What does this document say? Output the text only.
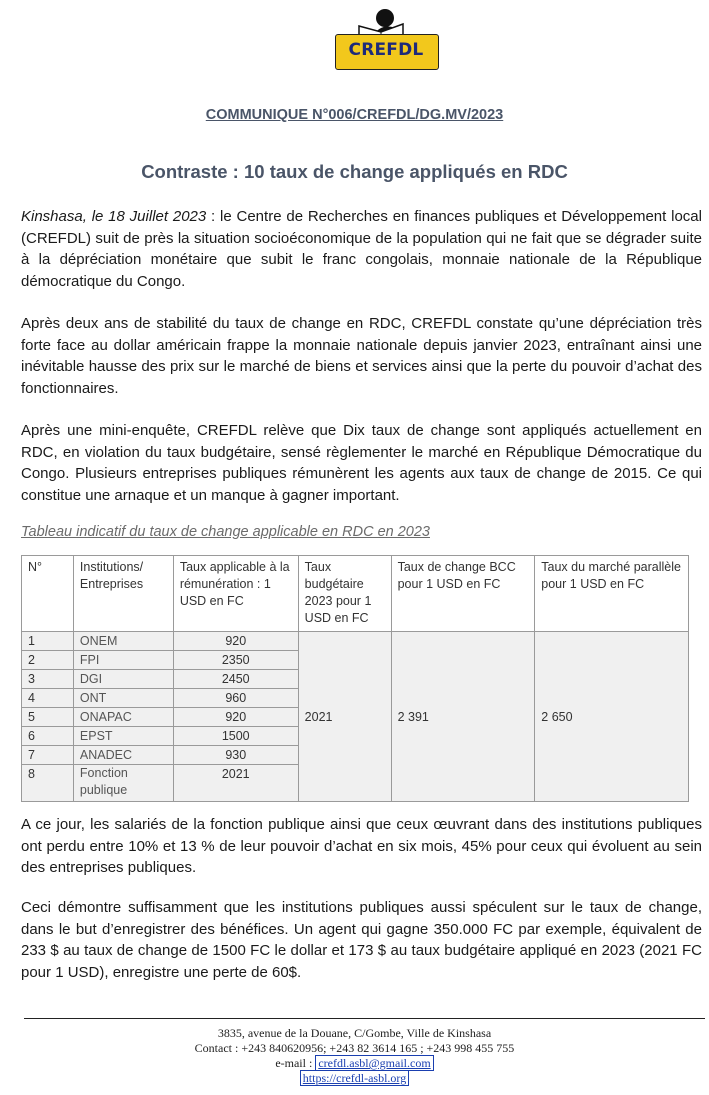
CREFDL
COMMUNIQUE N°006/CREFDL/DG.MV/2023
Contraste : 10 taux de change appliqués en RDC

Kinshasa, le 18 Juillet 2023 : le Centre de Recherches en finances publiques et Développement local (CREFDL) suit de près la situation socioéconomique de la population qui ne fait que se dégrader suite à la dépréciation monétaire que subit le franc congolais, monnaie nationale de la République démocratique du Congo.

Après deux ans de stabilité du taux de change en RDC, CREFDL constate qu’une dépréciation très forte face au dollar américain frappe la monnaie nationale depuis janvier 2023, entraînant ainsi une inévitable hausse des prix sur le marché de biens et services ainsi que la perte du pouvoir d’achat des fonctionnaires.

Après une mini-enquête, CREFDL relève que Dix taux de change sont appliqués actuellement en RDC, en violation du taux budgétaire, sensé règlementer le marché en République Démocratique du Congo. Plusieurs entreprises publiques rémunèrent les agents aux taux de change de 2015. Ce qui constitue une arnaque et un manque à gagner important.

Tableau indicatif du taux de change applicable en RDC en 2023
N°	Institutions/ Entreprises	Taux applicable à la rémunération : 1 USD en FC	Taux budgétaire 2023 pour 1 USD en FC	Taux de change BCC pour 1 USD en FC	Taux du marché parallèle pour 1 USD en FC
1	ONEM	920	2021	2 391	2 650
2	FPI	2350			
3	DGI	2450			
4	ONT	960			
5	ONAPAC	920			
6	EPST	1500			
7	ANADEC	930			
8	Fonction publique	2021			

A ce jour, les salariés de la fonction publique ainsi que ceux œuvrant dans des institutions publiques ont perdu entre 10% et 13 % de leur pouvoir d’achat en six mois, 45% pour ceux qui évoluent au sein des entreprises publiques.

Ceci démontre suffisamment que les institutions publiques aussi spéculent sur le taux de change, dans le but d’enregistrer des bénéfices. Un agent qui gagne 350.000 FC par exemple, équivalent de 233 $ au taux de change de 1500 FC le dollar et 173 $ au taux budgétaire appliqué en 2023 (2021 FC pour 1 USD), enregistre une perte de 60$.

3835, avenue de la Douane, C/Gombe, Ville de Kinshasa
Contact : +243 840620956; +243 82 3614 165 ; +243 998 455 755
e-mail : crefdl.asbl@gmail.com
https://crefdl-asbl.org
